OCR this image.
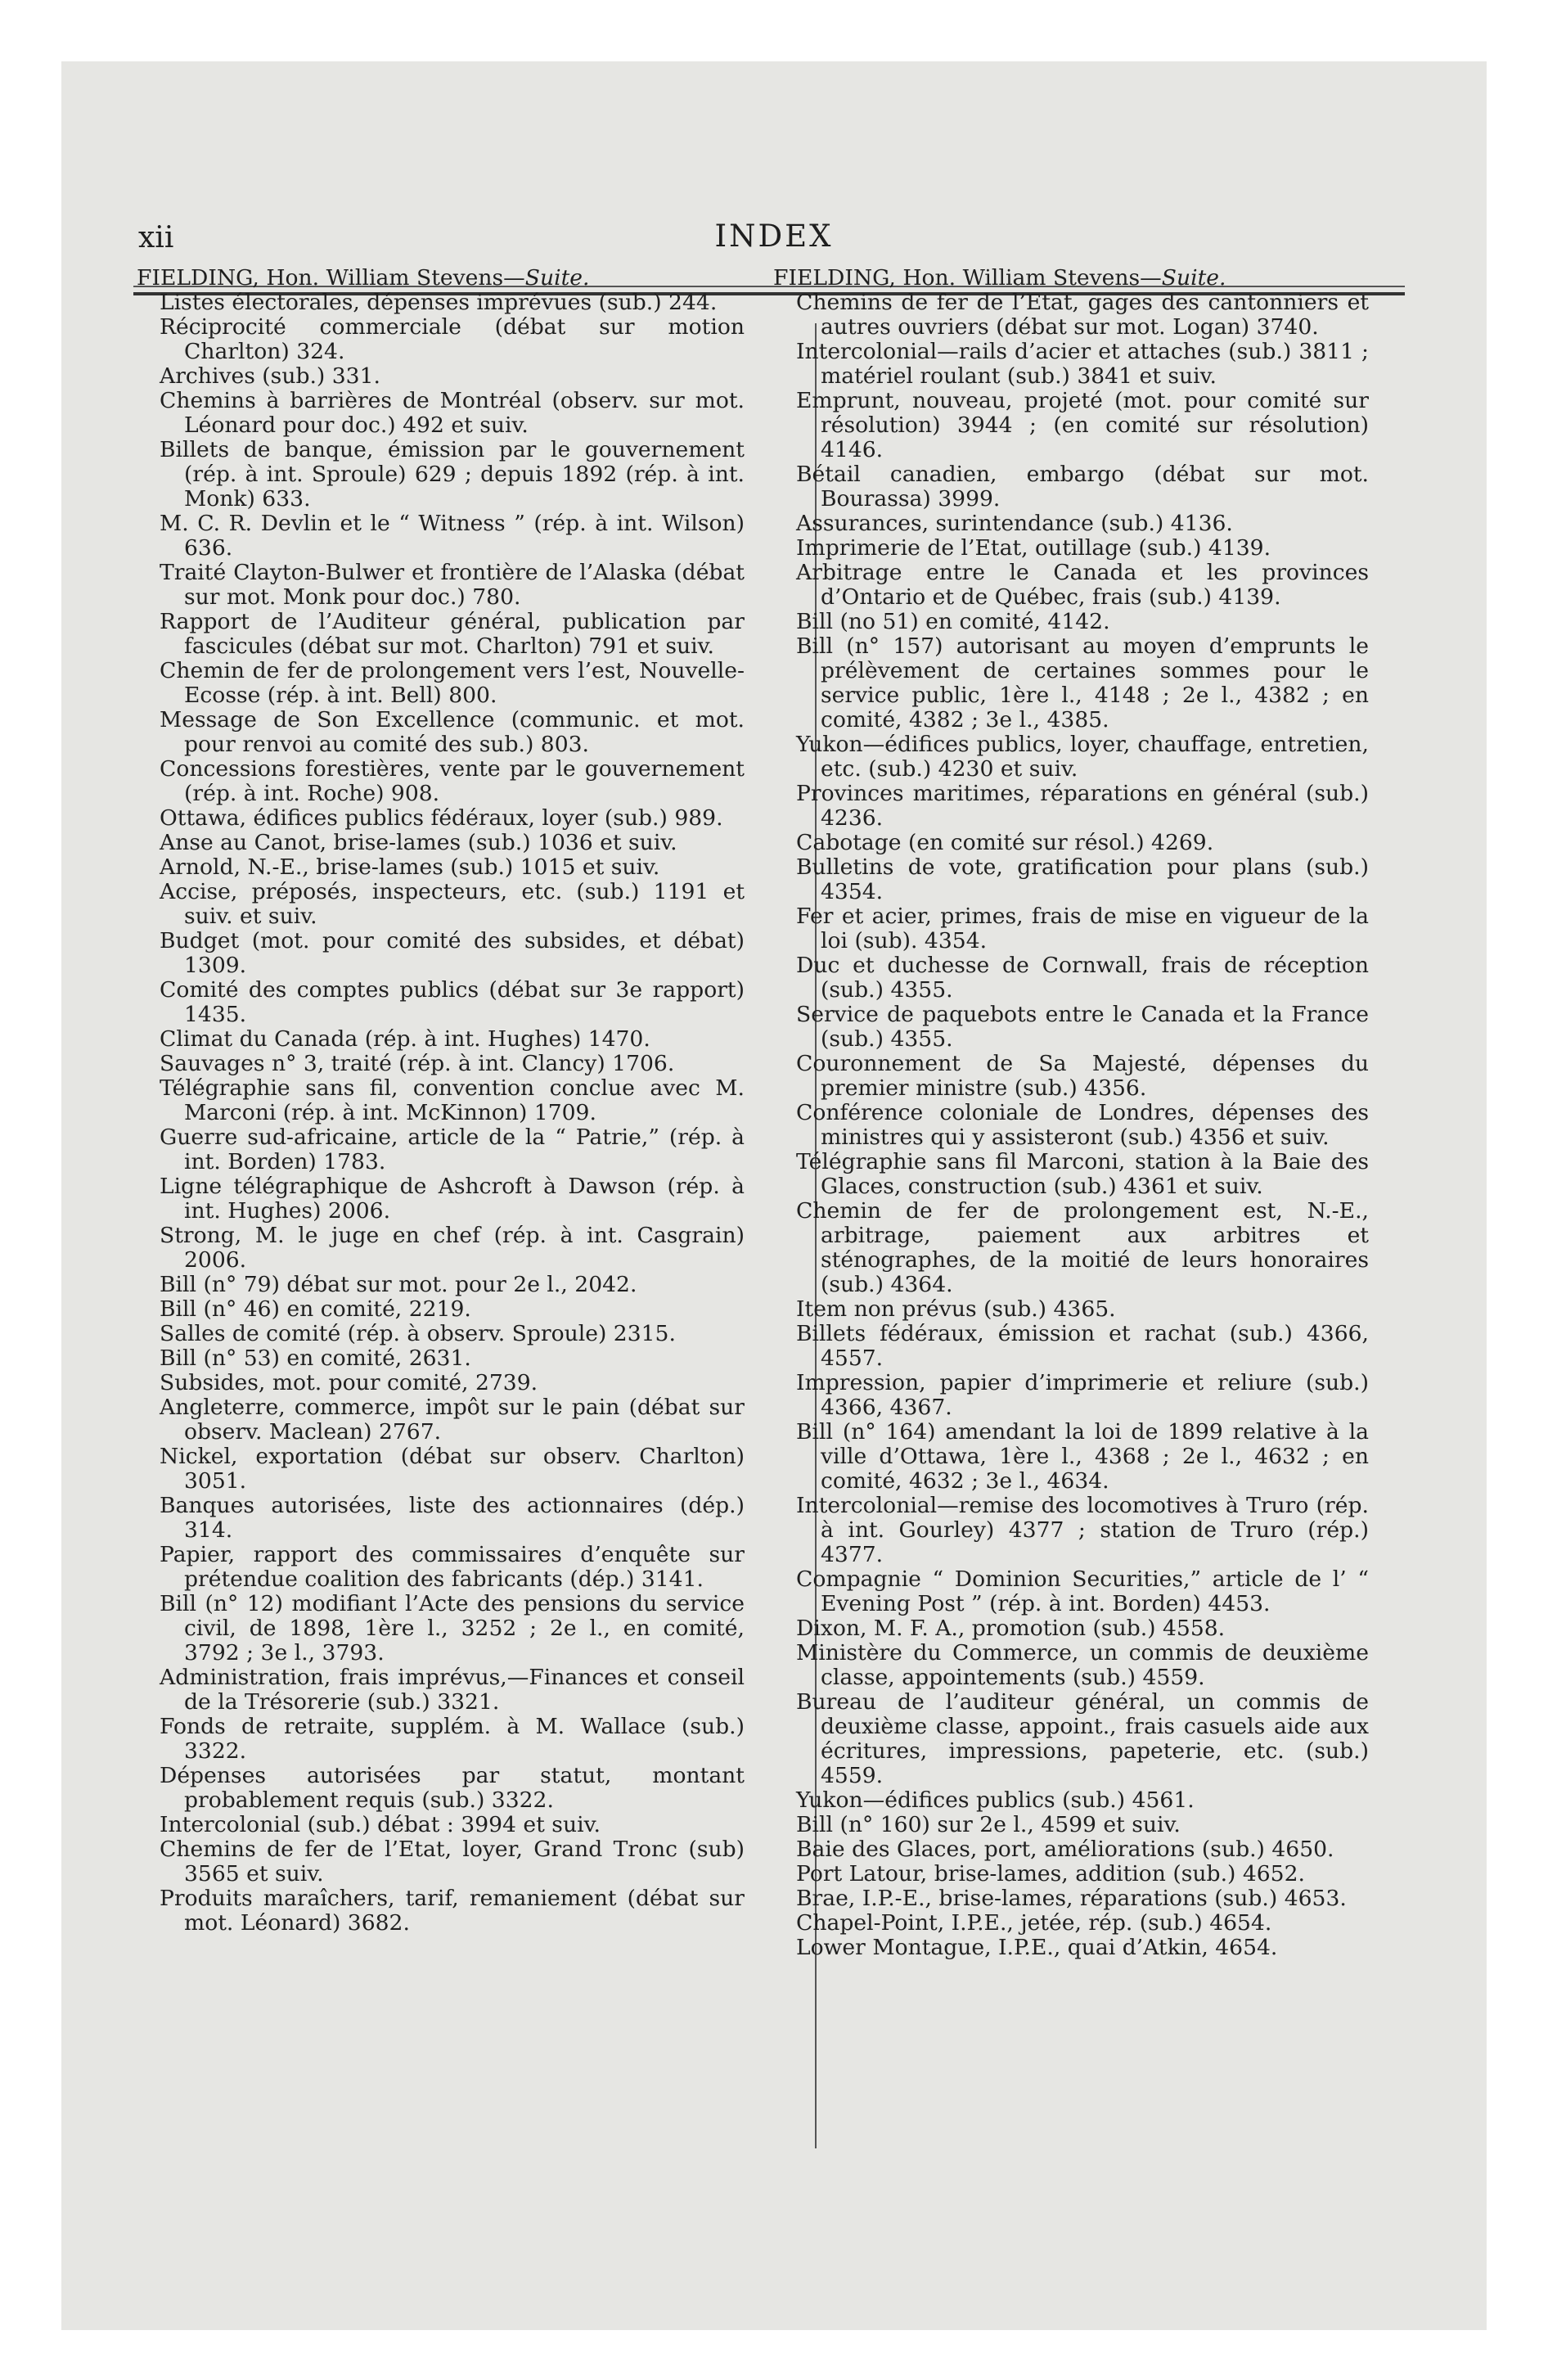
xii	INDEX
FIELDING, Hon. William Stevens—Suite.
Listes électorales, dépenses imprévues (sub.) 244.
Réciprocité commerciale (débat sur motion Charlton) 324.
Archives (sub.) 331.
Chemins à barrières de Montréal (observ. sur mot. Léonard pour doc.) 492 et suiv.
Billets de banque, émission par le gouvernement (rép. à int. Sproule) 629 ; depuis 1892 (rép. à int. Monk) 633.
M. C. R. Devlin et le “ Witness ” (rép. à int. Wilson) 636.
Traité Clayton-Bulwer et frontière de l’Alaska (débat sur mot. Monk pour doc.) 780.
Rapport de l’Auditeur général, publication par fascicules (débat sur mot. Charlton) 791 et suiv.
Chemin de fer de prolongement vers l’est, Nouvelle-Ecosse (rép. à int. Bell) 800.
Message de Son Excellence (communic. et mot. pour renvoi au comité des sub.) 803.
Concessions forestières, vente par le gouvernement (rép. à int. Roche) 908.
Ottawa, édifices publics fédéraux, loyer (sub.) 989.
Anse au Canot, brise-lames (sub.) 1036 et suiv.
Arnold, N.-E., brise-lames (sub.) 1015 et suiv.
Accise, préposés, inspecteurs, etc. (sub.) 1191 et suiv. et suiv.
Budget (mot. pour comité des subsides, et débat) 1309.
Comité des comptes publics (débat sur 3e rapport) 1435.
Climat du Canada (rép. à int. Hughes) 1470.
Sauvages n° 3, traité (rép. à int. Clancy) 1706.
Télégraphie sans fil, convention conclue avec M. Marconi (rép. à int. McKinnon) 1709.
Guerre sud-africaine, article de la “ Patrie,” (rép. à int. Borden) 1783.
Ligne télégraphique de Ashcroft à Dawson (rép. à int. Hughes) 2006.
Strong, M. le juge en chef (rép. à int. Casgrain) 2006.
Bill (n° 79) débat sur mot. pour 2e l., 2042.
Bill (n° 46) en comité, 2219.
Salles de comité (rép. à observ. Sproule) 2315.
Bill (n° 53) en comité, 2631.
Subsides, mot. pour comité, 2739.
Angleterre, commerce, impôt sur le pain (débat sur observ. Maclean) 2767.
Nickel, exportation (débat sur observ. Charlton) 3051.
Banques autorisées, liste des actionnaires (dép.) 314.
Papier, rapport des commissaires d’enquête sur prétendue coalition des fabricants (dép.) 3141.
Bill (n° 12) modifiant l’Acte des pensions du service civil, de 1898, 1ère l., 3252 ; 2e l., en comité, 3792 ; 3e l., 3793.
Administration, frais imprévus,—Finances et conseil de la Trésorerie (sub.) 3321.
Fonds de retraite, supplém. à M. Wallace (sub.) 3322.
Dépenses autorisées par statut, montant probablement requis (sub.) 3322.
Intercolonial (sub.) débat : 3994 et suiv.
Chemins de fer de l’Etat, loyer, Grand Tronc (sub) 3565 et suiv.
Produits maraîchers, tarif, remaniement (débat sur mot. Léonard) 3682.
FIELDING, Hon. William Stevens—Suite.
Chemins de fer de l’Etat, gages des cantonniers et autres ouvriers (débat sur mot. Logan) 3740.
Intercolonial—rails d’acier et attaches (sub.) 3811 ; matériel roulant (sub.) 3841 et suiv.
Emprunt, nouveau, projeté (mot. pour comité sur résolution) 3944 ; (en comité sur résolution) 4146.
Bétail canadien, embargo (débat sur mot. Bourassa) 3999.
Assurances, surintendance (sub.) 4136.
Imprimerie de l’Etat, outillage (sub.) 4139.
Arbitrage entre le Canada et les provinces d’Ontario et de Québec, frais (sub.) 4139.
Bill (no 51) en comité, 4142.
Bill (n° 157) autorisant au moyen d’emprunts le prélèvement de certaines sommes pour le service public, 1ère l., 4148 ; 2e l., 4382 ; en comité, 4382 ; 3e l., 4385.
Yukon—édifices publics, loyer, chauffage, entretien, etc. (sub.) 4230 et suiv.
Provinces maritimes, réparations en général (sub.) 4236.
Cabotage (en comité sur résol.) 4269.
Bulletins de vote, gratification pour plans (sub.) 4354.
Fer et acier, primes, frais de mise en vigueur de la loi (sub). 4354.
Duc et duchesse de Cornwall, frais de réception (sub.) 4355.
Service de paquebots entre le Canada et la France (sub.) 4355.
Couronnement de Sa Majesté, dépenses du premier ministre (sub.) 4356.
Conférence coloniale de Londres, dépenses des ministres qui y assisteront (sub.) 4356 et suiv.
Télégraphie sans fil Marconi, station à la Baie des Glaces, construction (sub.) 4361 et suiv.
Chemin de fer de prolongement est, N.-E., arbitrage, paiement aux arbitres et sténographes, de la moitié de leurs honoraires (sub.) 4364.
Item non prévus (sub.) 4365.
Billets fédéraux, émission et rachat (sub.) 4366, 4557.
Impression, papier d’imprimerie et reliure (sub.) 4366, 4367.
Bill (n° 164) amendant la loi de 1899 relative à la ville d’Ottawa, 1ère l., 4368 ; 2e l., 4632 ; en comité, 4632 ; 3e l., 4634.
Intercolonial—remise des locomotives à Truro (rép. à int. Gourley) 4377 ; station de Truro (rép.) 4377.
Compagnie “ Dominion Securities,” article de l’ “ Evening Post ” (rép. à int. Borden) 4453.
Dixon, M. F. A., promotion (sub.) 4558.
Ministère du Commerce, un commis de deuxième classe, appointements (sub.) 4559.
Bureau de l’auditeur général, un commis de deuxième classe, appoint., frais casuels aide aux écritures, impressions, papeterie, etc. (sub.) 4559.
Yukon—édifices publics (sub.) 4561.
Bill (n° 160) sur 2e l., 4599 et suiv.
Baie des Glaces, port, améliorations (sub.) 4650.
Port Latour, brise-lames, addition (sub.) 4652.
Brae, I.P.-E., brise-lames, réparations (sub.) 4653.
Chapel-Point, I.P.E., jetée, rép. (sub.) 4654.
Lower Montague, I.P.E., quai d’Atkin, 4654.
